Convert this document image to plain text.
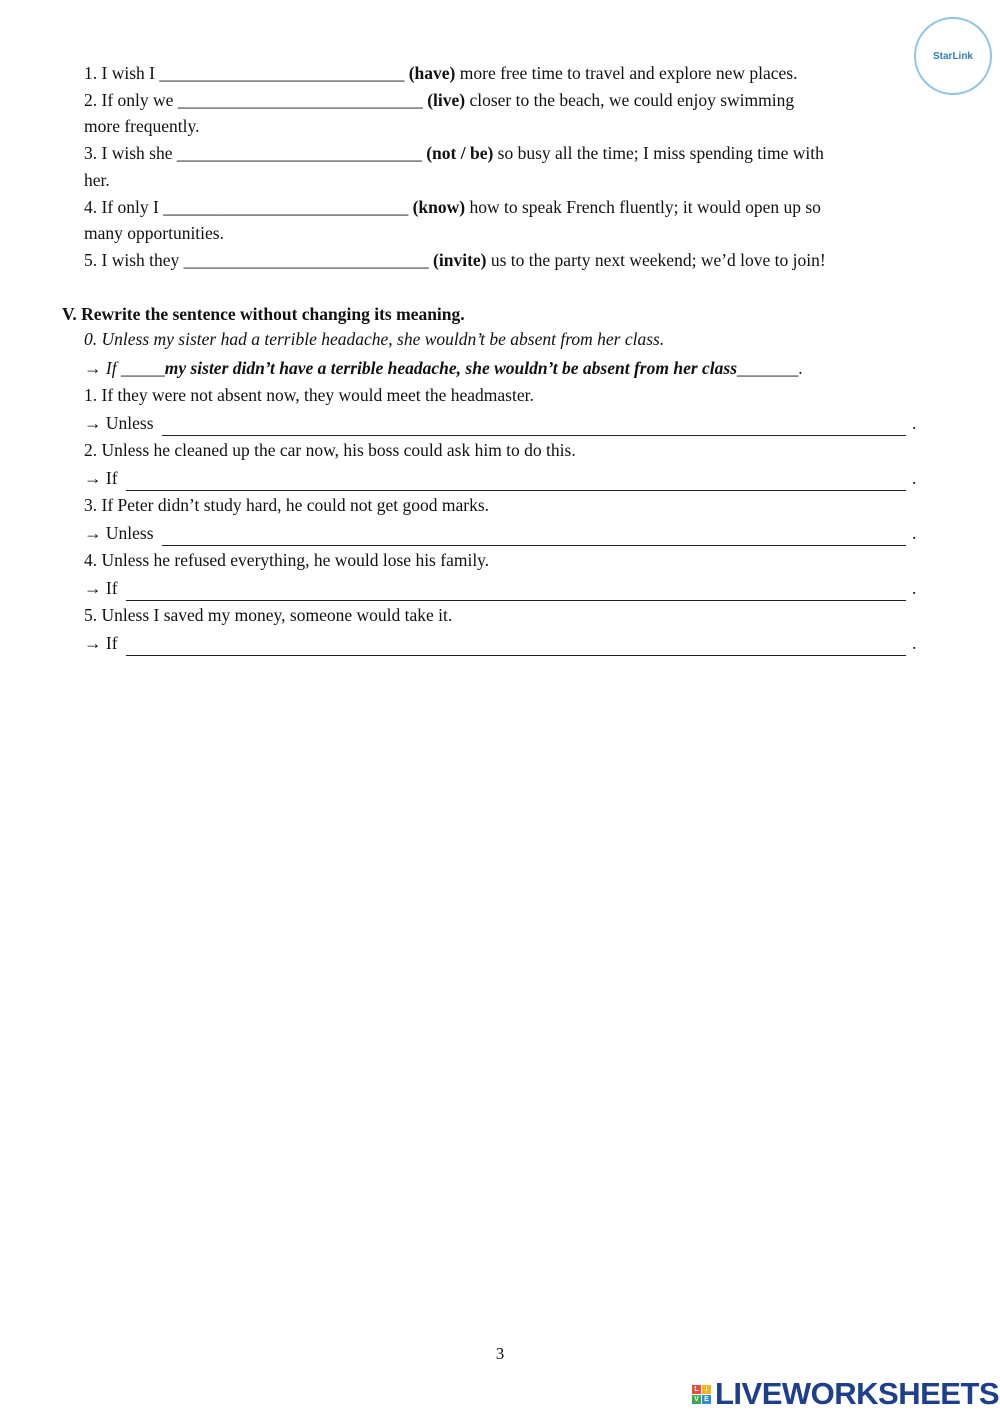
StarLink
1. I wish I ____________________________ (have) more free time to travel and explore new places.
2. If only we ____________________________ (live) closer to the beach, we could enjoy swimming
more frequently.
3. I wish she ____________________________ (not / be) so busy all the time; I miss spending time with
her.
4. If only I ____________________________ (know) how to speak French fluently; it would open up so
many opportunities.
5. I wish they ____________________________ (invite) us to the party next weekend; we’d love to join!
V. Rewrite the sentence without changing its meaning.
0. Unless my sister had a terrible headache, she wouldn’t be absent from her class.
→ If _____my sister didn’t have a terrible headache, she wouldn’t be absent from her class_______.
1. If they were not absent now, they would meet the headmaster.
→ Unless	.
2. Unless he cleaned up the car now, his boss could ask him to do this.
→ If	.
3. If Peter didn’t study hard, he could not get good marks.
→ Unless	.
4. Unless he refused everything, he would lose his family.
→ If	.
5. Unless I saved my money, someone would take it.
→ If	.
3
L I
V E LIVEWORKSHEETS
